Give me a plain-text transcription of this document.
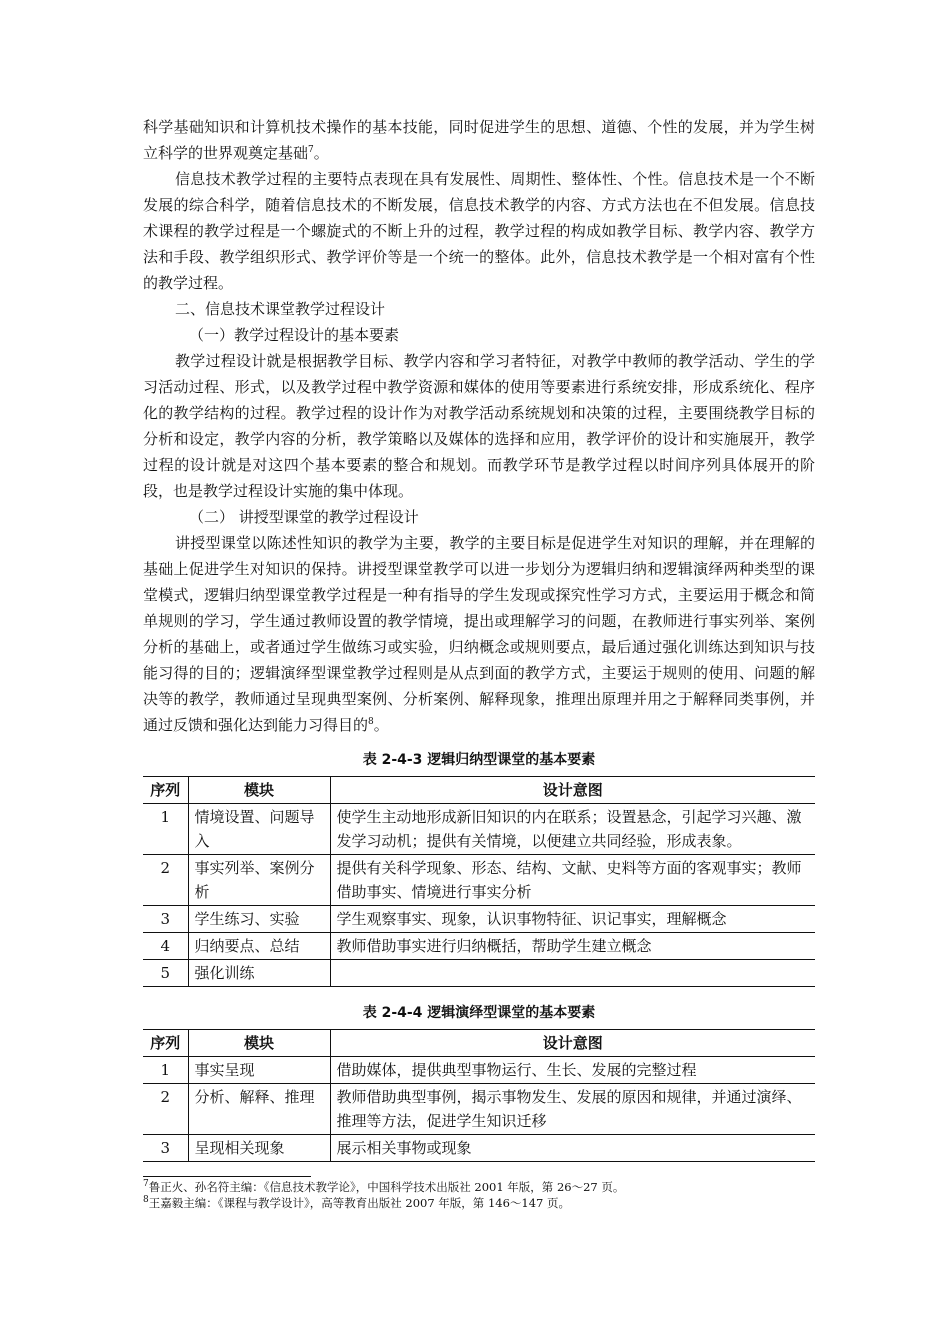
科学基础知识和计算机技术操作的基本技能，同时促进学生的思想、道德、个性的发展，并为学生树立科学的世界观奠定基础$^7$。

信息技术教学过程的主要特点表现在具有发展性、周期性、整体性、个性。信息技术是一个不断发展的综合科学，随着信息技术的不断发展，信息技术教学的内容、方式方法也在不但发展。信息技术课程的教学过程是一个螺旋式的不断上升的过程，教学过程的构成如教学目标、教学内容、教学方法和手段、教学组织形式、教学评价等是一个统一的整体。此外，信息技术教学是一个相对富有个性的教学过程。

二、信息技术课堂教学过程设计

（一）教学过程设计的基本要素

教学过程设计就是根据教学目标、教学内容和学习者特征，对教学中教师的教学活动、学生的学习活动过程、形式，以及教学过程中教学资源和媒体的使用等要素进行系统安排，形成系统化、程序化的教学结构的过程。教学过程的设计作为对教学活动系统规划和决策的过程，主要围绕教学目标的分析和设定，教学内容的分析，教学策略以及媒体的选择和应用，教学评价的设计和实施展开，教学过程的设计就是对这四个基本要素的整合和规划。而教学环节是教学过程以时间序列具体展开的阶段，也是教学过程设计实施的集中体现。

（二） 讲授型课堂的教学过程设计

讲授型课堂以陈述性知识的教学为主要，教学的主要目标是促进学生对知识的理解，并在理解的基础上促进学生对知识的保持。讲授型课堂教学可以进一步划分为逻辑归纳和逻辑演绎两种类型的课堂模式，逻辑归纳型课堂教学过程是一种有指导的学生发现或探究性学习方式，主要运用于概念和简单规则的学习，学生通过教师设置的教学情境，提出或理解学习的问题，在教师进行事实列举、案例分析的基础上，或者通过学生做练习或实验，归纳概念或规则要点，最后通过强化训练达到知识与技能习得的目的；逻辑演绎型课堂教学过程则是从点到面的教学方式，主要运于规则的使用、问题的解决等的教学，教师通过呈现典型案例、分析案例、解释现象，推理出原理并用之于解释同类事例，并通过反馈和强化达到能力习得目的$^8$。

表 2-4-3 逻辑归纳型课堂的基本要素
序列	模块	设计意图
1	情境设置、问题导入	使学生主动地形成新旧知识的内在联系；设置悬念，引起学习兴趣、激发学习动机；提供有关情境，以便建立共同经验，形成表象。
2	事实列举、案例分析	提供有关科学现象、形态、结构、文献、史料等方面的客观事实；教师借助事实、情境进行事实分析
3	学生练习、实验	学生观察事实、现象，认识事物特征、识记事实，理解概念
4	归纳要点、总结	教师借助事实进行归纳概括，帮助学生建立概念
5	强化训练	
表 2-4-4 逻辑演绎型课堂的基本要素
序列	模块	设计意图
1	事实呈现	借助媒体，提供典型事物运行、生长、发展的完整过程
2	分析、解释、推理	教师借助典型事例，揭示事物发生、发展的原因和规律，并通过演绎、推理等方法，促进学生知识迁移
3	呈现相关现象	展示相关事物或现象

$^7$鲁正火、孙名符主编：《信息技术教学论》，中国科学技术出版社 2001 年版，第 26～27 页。

$^8$王嘉毅主编：《课程与教学设计》，高等教育出版社 2007 年版，第 146～147 页。
